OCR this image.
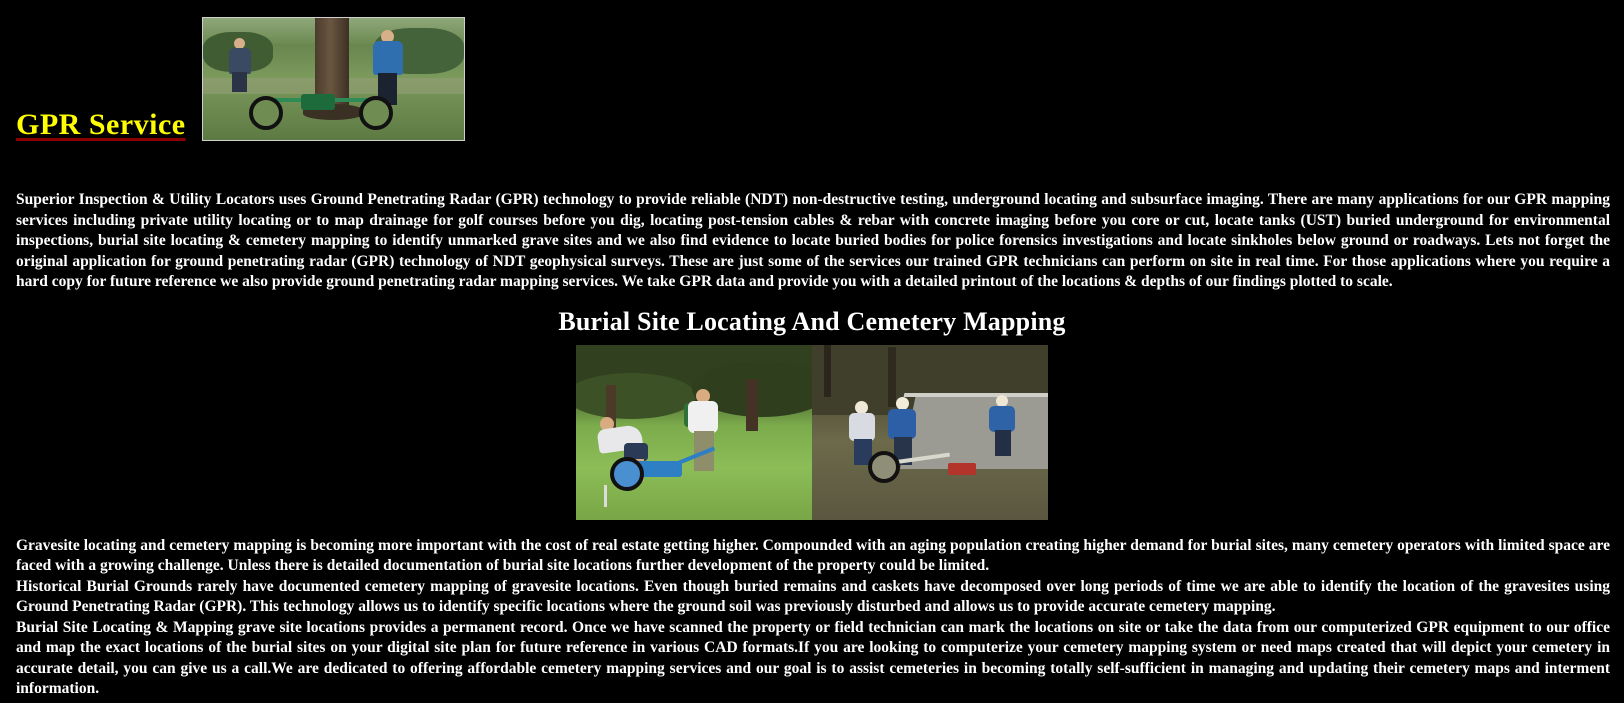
GPR Service
Superior Inspection & Utility Locators uses Ground Penetrating Radar (GPR) technology to provide reliable (NDT) non-destructive testing, underground locating and subsurface imaging. There are many applications for our GPR mapping services including private utility locating or to map drainage for golf courses before you dig, locating post-tension cables & rebar with concrete imaging before you core or cut, locate tanks (UST) buried underground for environmental inspections, burial site locating & cemetery mapping to identify unmarked grave sites and we also find evidence to locate buried bodies for police forensics investigations and locate sinkholes below ground or roadways. Lets not forget the original application for ground penetrating radar (GPR) technology of NDT geophysical surveys. These are just some of the services our trained GPR technicians can perform on site in real time. For those applications where you require a hard copy for future reference we also provide ground penetrating radar mapping services. We take GPR data and provide you with a detailed printout of the locations & depths of our findings plotted to scale.
Burial Site Locating And Cemetery Mapping

Gravesite locating and cemetery mapping is becoming more important with the cost of real estate getting higher. Compounded with an aging population creating higher demand for burial sites, many cemetery operators with limited space are faced with a growing challenge. Unless there is detailed documentation of burial site locations further development of the property could be limited.

Historical Burial Grounds rarely have documented cemetery mapping of gravesite locations. Even though buried remains and caskets have decomposed over long periods of time we are able to identify the location of the gravesites using Ground Penetrating Radar (GPR). This technology allows us to identify specific locations where the ground soil was previously disturbed and allows us to provide accurate cemetery mapping.

Burial Site Locating & Mapping grave site locations provides a permanent record. Once we have scanned the property or field technician can mark the locations on site or take the data from our computerized GPR equipment to our office and map the exact locations of the burial sites on your digital site plan for future reference in various CAD formats.If you are looking to computerize your cemetery mapping system or need maps created that will depict your cemetery in accurate detail, you can give us a call.We are dedicated to offering affordable cemetery mapping services and our goal is to assist cemeteries in becoming totally self-sufficient in managing and updating their cemetery maps and interment information.
